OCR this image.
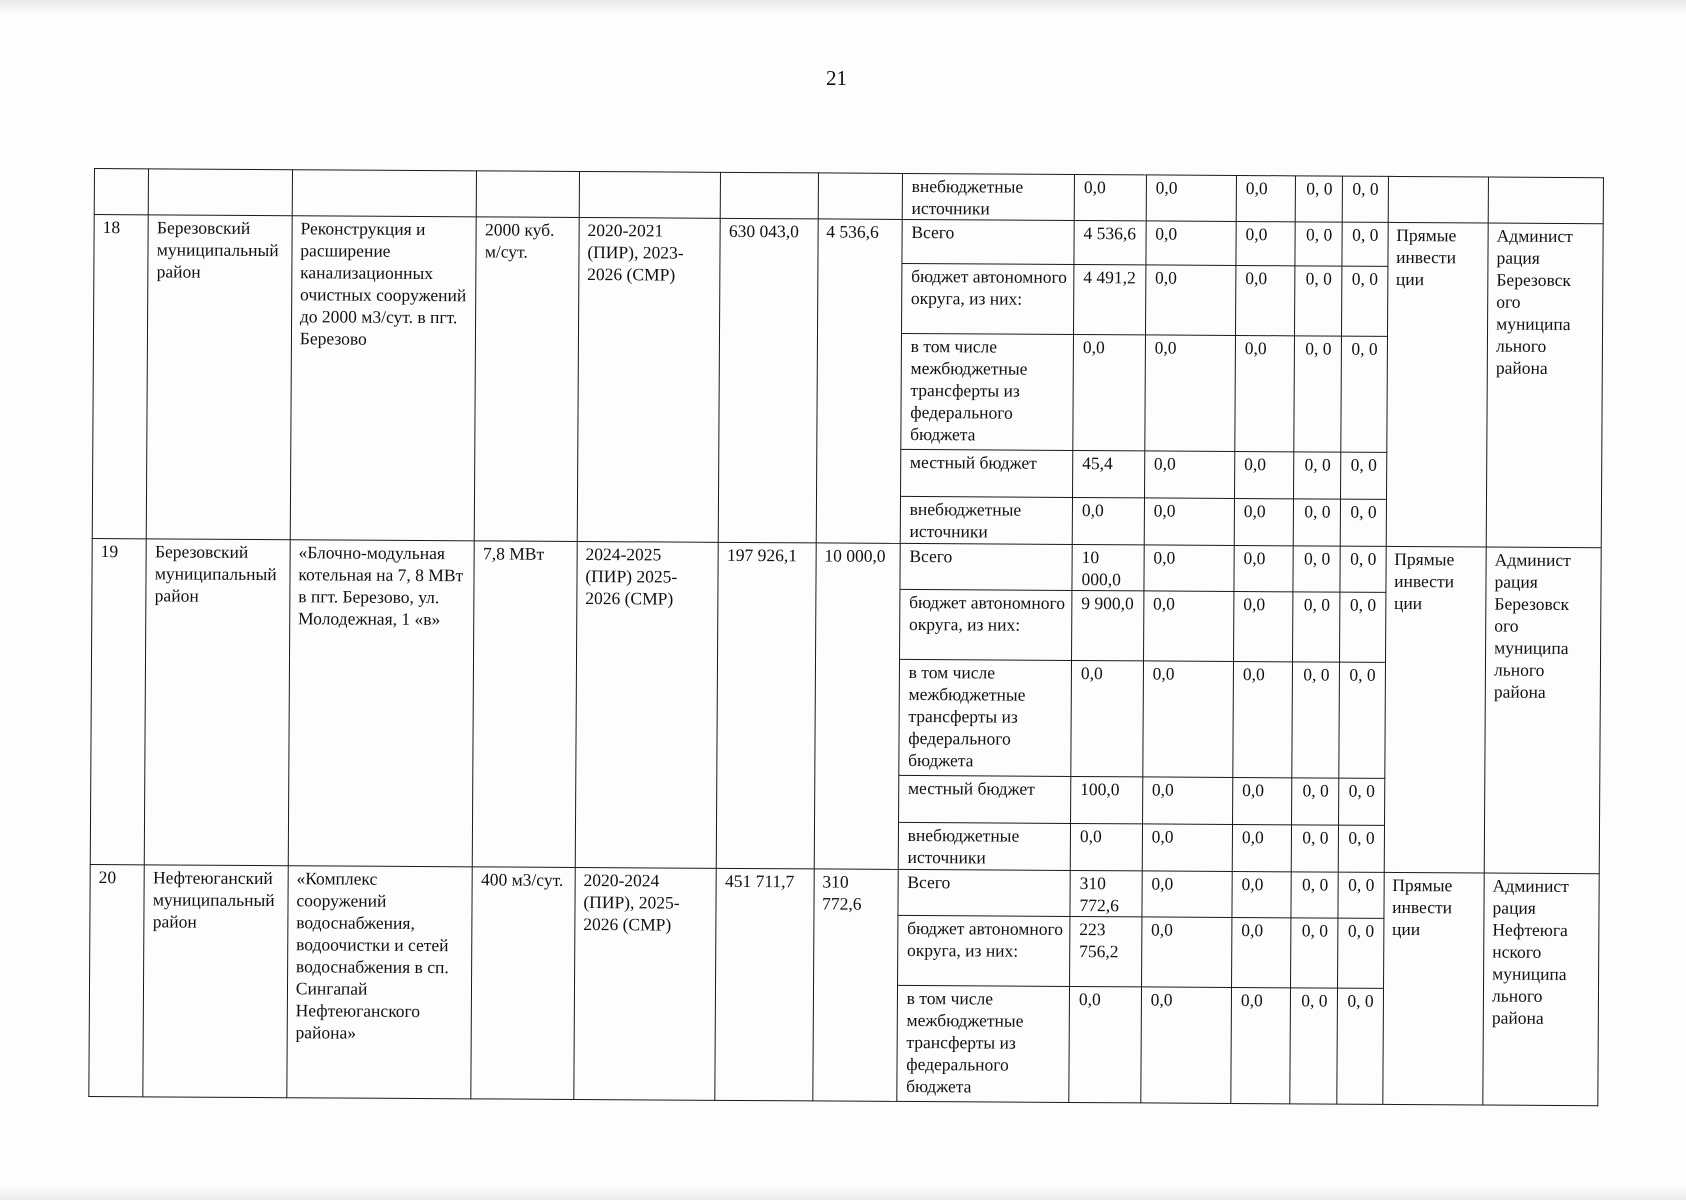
21
							внебюджетные источники	0,0	0,0	0,0	0, 0	0, 0		
18	Березовский муниципальный район	Реконструкция и расширение канализационных очистных сооружений до 2000 м3/сут. в пгт. Березово	2000 куб. м/сут.	2020-2021 (ПИР), 2023-2026 (СМР)	630 043,0	4 536,6	Всего	4 536,6	0,0	0,0	0, 0	0, 0	Прямые инвести ции	Админист рация Березовск ого муниципа льного района
							бюджет автономного округа, из них:	4 491,2	0,0	0,0	0, 0	0, 0		
							в том числе межбюджетные трансферты из федерального бюджета	0,0	0,0	0,0	0, 0	0, 0		
							местный бюджет	45,4	0,0	0,0	0, 0	0, 0		
							внебюджетные источники	0,0	0,0	0,0	0, 0	0, 0		
19	Березовский муниципальный район	«Блочно-модульная котельная на 7, 8 МВт в пгт. Березово, ул. Молодежная, 1 «в»	7,8 МВт	2024-2025 (ПИР) 2025-2026 (СМР)	197 926,1	10 000,0	Всего	10 000,0	0,0	0,0	0, 0	0, 0	Прямые инвести ции	Админист рация Березовск ого муниципа льного района
							бюджет автономного округа, из них:	9 900,0	0,0	0,0	0, 0	0, 0		
							в том числе межбюджетные трансферты из федерального бюджета	0,0	0,0	0,0	0, 0	0, 0		
							местный бюджет	100,0	0,0	0,0	0, 0	0, 0		
							внебюджетные источники	0,0	0,0	0,0	0, 0	0, 0		
20	Нефтеюганский муниципальный район	«Комплекс сооружений водоснабжения, водоочистки и сетей водоснабжения в сп. Сингапай Нефтеюганского района»	400 м3/сут.	2020-2024 (ПИР), 2025-2026 (СМР)	451 711,7	310 772,6	Всего	310 772,6	0,0	0,0	0, 0	0, 0	Прямые инвести ции	Админист рация Нефтеюга нского муниципа льного района
							бюджет автономного округа, из них:	223 756,2	0,0	0,0	0, 0	0, 0		
							в том числе межбюджетные трансферты из федерального бюджета	0,0	0,0	0,0	0, 0	0, 0		
